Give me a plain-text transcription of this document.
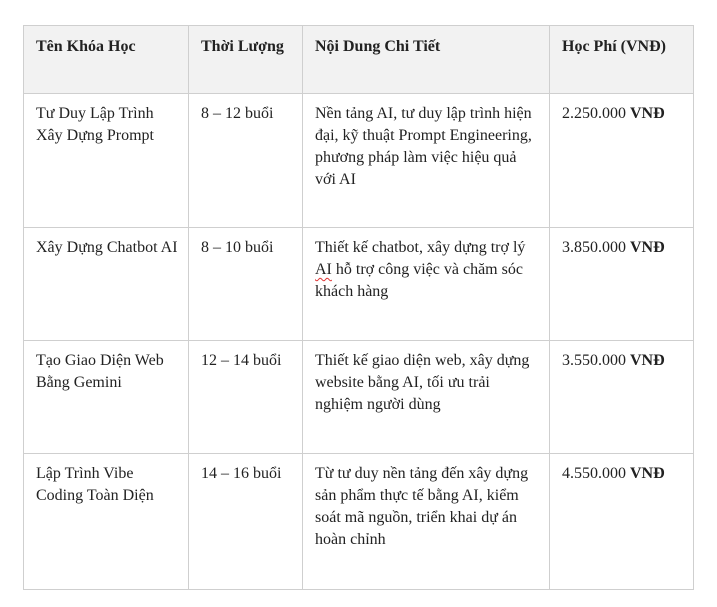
Tên Khóa Học	Thời Lượng	Nội Dung Chi Tiết	Học Phí (VNĐ)
Tư Duy Lập Trình Xây Dựng Prompt	8 – 12 buổi	Nền tảng AI, tư duy lập trình hiện đại, kỹ thuật Prompt Engineering, phương pháp làm việc hiệu quả với AI	2.250.000 VNĐ
Xây Dựng Chatbot AI	8 – 10 buổi	Thiết kế chatbot, xây dựng trợ lý AI hỗ trợ công việc và chăm sóc khách hàng	3.850.000 VNĐ
Tạo Giao Diện Web Bằng Gemini	12 – 14 buổi	Thiết kế giao diện web, xây dựng website bằng AI, tối ưu trải nghiệm người dùng	3.550.000 VNĐ
Lập Trình Vibe Coding Toàn Diện	14 – 16 buổi	Từ tư duy nền tảng đến xây dựng sản phẩm thực tế bằng AI, kiểm soát mã nguồn, triển khai dự án hoàn chỉnh	4.550.000 VNĐ
